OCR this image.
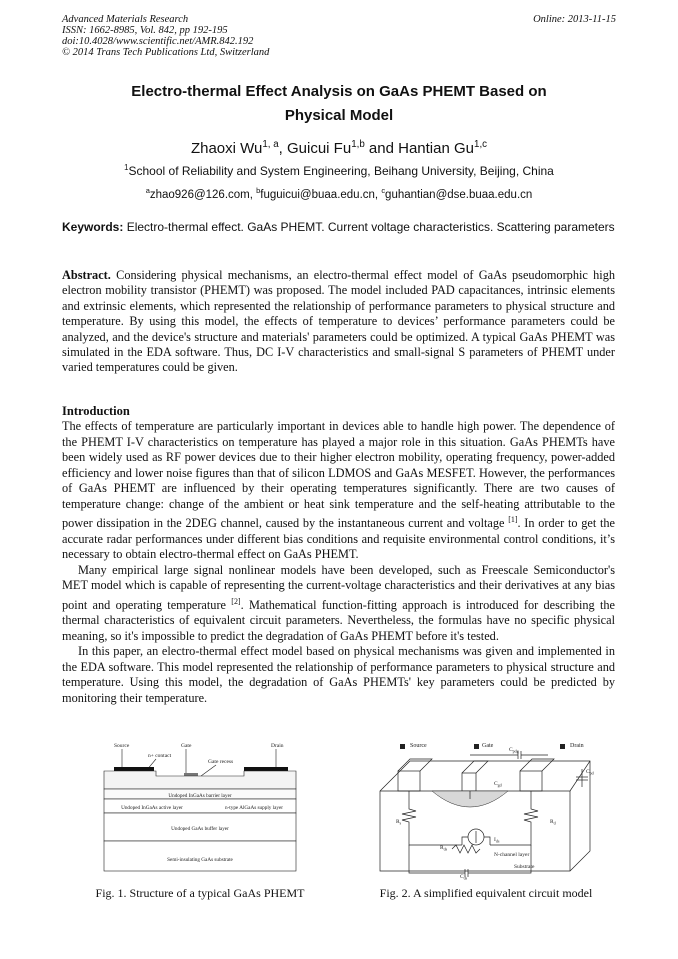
Advanced Materials Research
ISSN: 1662-8985, Vol. 842, pp 192-195
doi:10.4028/www.scientific.net/AMR.842.192
© 2014 Trans Tech Publications Ltd, Switzerland
Online: 2013-11-15
Electro-thermal Effect Analysis on GaAs PHEMT Based on
Physical Model
Zhaoxi Wu$^{1, a}$, Guicui Fu$^{1,b}$ and Hantian Gu$^{1,c}$
$^1$School of Reliability and System Engineering, Beihang University, Beijing, China
$^a$zhao926@126.com, $^b$fuguicui@buaa.edu.cn, $^c$guhantian@dse.buaa.edu.cn
Keywords: Electro-thermal effect. GaAs PHEMT. Current voltage characteristics. Scattering parameters
Abstract. Considering physical mechanisms, an electro-thermal effect model of GaAs pseudomorphic high electron mobility transistor (PHEMT) was proposed. The model included PAD capacitances, intrinsic elements and extrinsic elements, which represented the relationship of performance parameters to physical structure and temperature. By using this model, the effects of temperature to devices’ performance parameters could be analyzed, and the device's structure and materials' parameters could be optimized. A typical GaAs PHEMT was simulated in the EDA software. Thus, DC I-V characteristics and small-signal S parameters of PHEMT under varied temperatures could be given.
Introduction

The effects of temperature are particularly important in devices able to handle high power. The dependence of the PHEMT I-V characteristics on temperature has played a major role in this situation. GaAs PHEMTs have been widely used as RF power devices due to their higher electron mobility, operating frequency, power-added efficiency and lower noise figures than that of silicon LDMOS and GaAs MESFET. However, the performances of GaAs PHEMT are influenced by their operating temperatures significantly. There are two causes of temperature change: change of the ambient or heat sink temperature and the self-heating attributable to the power dissipation in the 2DEG channel, caused by the instantaneous current and voltage [1]. In order to get the accurate radar performances under different bias conditions and requisite environmental control conditions, it’s necessary to obtain electro-thermal effect on GaAs PHEMT.

Many empirical large signal nonlinear models have been developed, such as Freescale Semiconductor's MET model which is capable of representing the current-voltage characteristics and their derivatives at any bias point and operating temperature [2]. Mathematical function-fitting approach is introduced for describing the thermal characteristics of equivalent circuit parameters. Nevertheless, the formulas have no specific physical meaning, so it's impossible to predict the degradation of GaAs PHEMT before it's tested.

In this paper, an electro-thermal effect model based on physical mechanisms was given and implemented in the EDA software. This model represented the relationship of performance parameters to physical structure and temperature. Using this model, the degradation of GaAs PHEMTs' key parameters could be predicted by monitoring their temperature.

Source	Gate	Drain
n+ contact
Gate recess
Undoped InGaAs barrier layer
Undoped InGaAs active layer	n-type AlGaAs supply layer
Undoped GaAs buffer layer
Semi-insulating GaAs substrate
Fig. 1. Structure of a typical GaAs PHEMT
Source	Gate	Drain
$C_{pdg}$
$C_{pd}$
$C_{gd}$
$R_s$	$R_d$
$I_{ds}$
$R_{ds}$
$C_{ds}$
N-channel layer
Substrate
Fig. 2. A simplified equivalent circuit model
